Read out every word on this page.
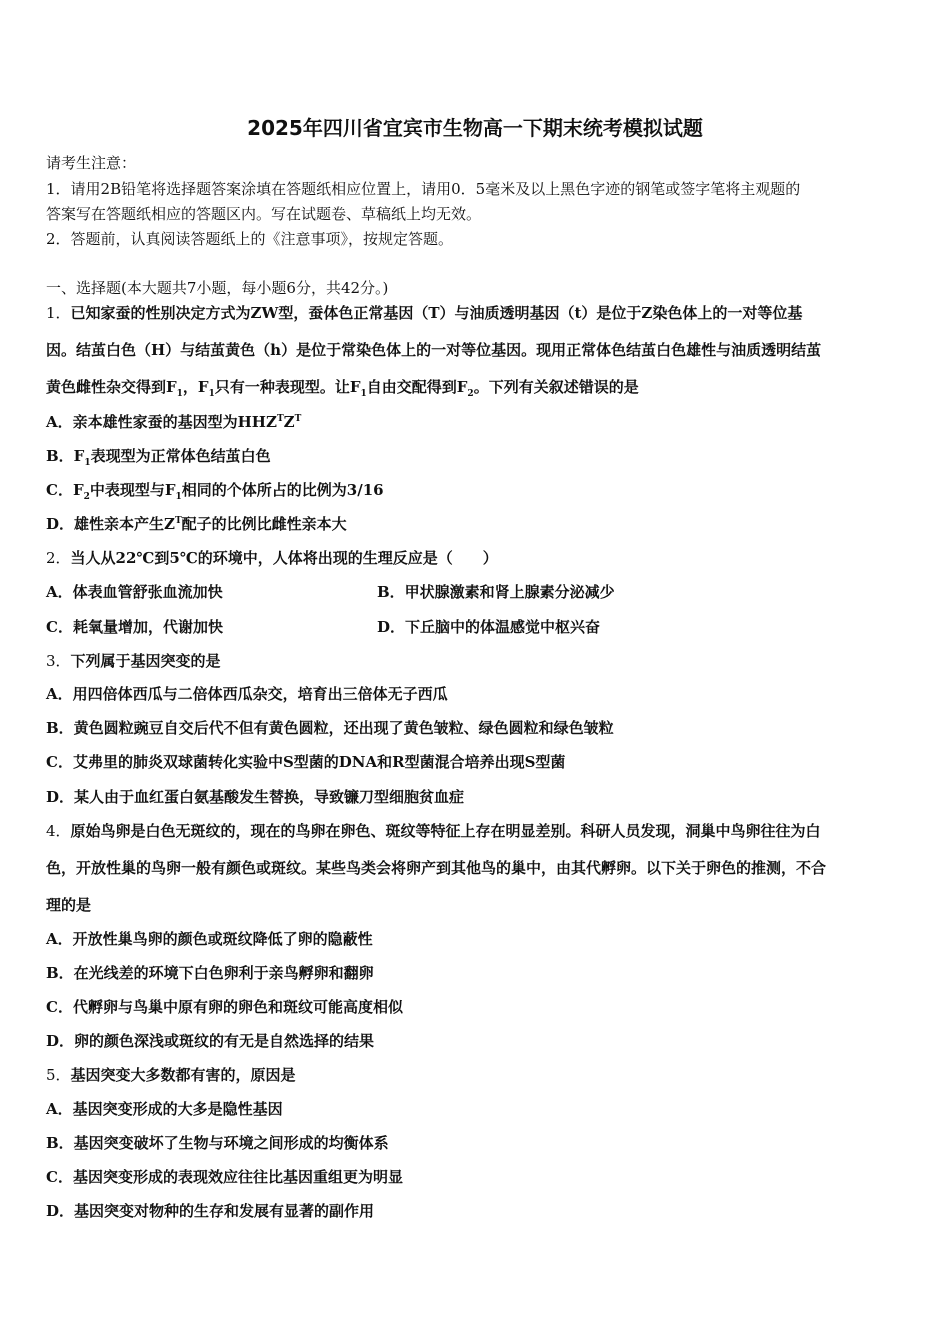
2025年四川省宜宾市生物高一下期末统考模拟试题
请考生注意：
1．请用2B铅笔将选择题答案涂填在答题纸相应位置上，请用0．5毫米及以上黑色字迹的钢笔或签字笔将主观题的
答案写在答题纸相应的答题区内。写在试题卷、草稿纸上均无效。
2．答题前，认真阅读答题纸上的《注意事项》，按规定答题。
一、选择题(本大题共7小题，每小题6分，共42分。)
1．已知家蚕的性别决定方式为ZW型，蚕体色正常基因（T）与油质透明基因（t）是位于Z染色体上的一对等位基
因。结茧白色（H）与结茧黄色（h）是位于常染色体上的一对等位基因。现用正常体色结茧白色雄性与油质透明结茧
黄色雌性杂交得到$F_1$，$F_1$只有一种表现型。让$F_1$自由交配得到$F_2$。下列有关叙述错误的是
A．亲本雄性家蚕的基因型为$HHZ^TZ^T$
B．$F_1$表现型为正常体色结茧白色
C．$F_2$中表现型与$F_1$相同的个体所占的比例为3/16
D．雄性亲本产生$Z^T$配子的比例比雌性亲本大
2．当人从22℃到5℃的环境中，人体将出现的生理反应是（　　）
A．体表血管舒张血流加快	B．甲状腺激素和肾上腺素分泌减少
C．耗氧量增加，代谢加快	D．下丘脑中的体温感觉中枢兴奋
3．下列属于基因突变的是
A．用四倍体西瓜与二倍体西瓜杂交，培育出三倍体无子西瓜
B．黄色圆粒豌豆自交后代不但有黄色圆粒，还出现了黄色皱粒、绿色圆粒和绿色皱粒
C．艾弗里的肺炎双球菌转化实验中S型菌的DNA和R型菌混合培养出现S型菌
D．某人由于血红蛋白氨基酸发生替换，导致镰刀型细胞贫血症
4．原始鸟卵是白色无斑纹的，现在的鸟卵在卵色、斑纹等特征上存在明显差别。科研人员发现，洞巢中鸟卵往往为白
色，开放性巢的鸟卵一般有颜色或斑纹。某些鸟类会将卵产到其他鸟的巢中，由其代孵卵。以下关于卵色的推测，不合
理的是
A．开放性巢鸟卵的颜色或斑纹降低了卵的隐蔽性
B．在光线差的环境下白色卵利于亲鸟孵卵和翻卵
C．代孵卵与鸟巢中原有卵的卵色和斑纹可能高度相似
D．卵的颜色深浅或斑纹的有无是自然选择的结果
5．基因突变大多数都有害的，原因是
A．基因突变形成的大多是隐性基因
B．基因突变破坏了生物与环境之间形成的均衡体系
C．基因突变形成的表现效应往往比基因重组更为明显
D．基因突变对物种的生存和发展有显著的副作用
